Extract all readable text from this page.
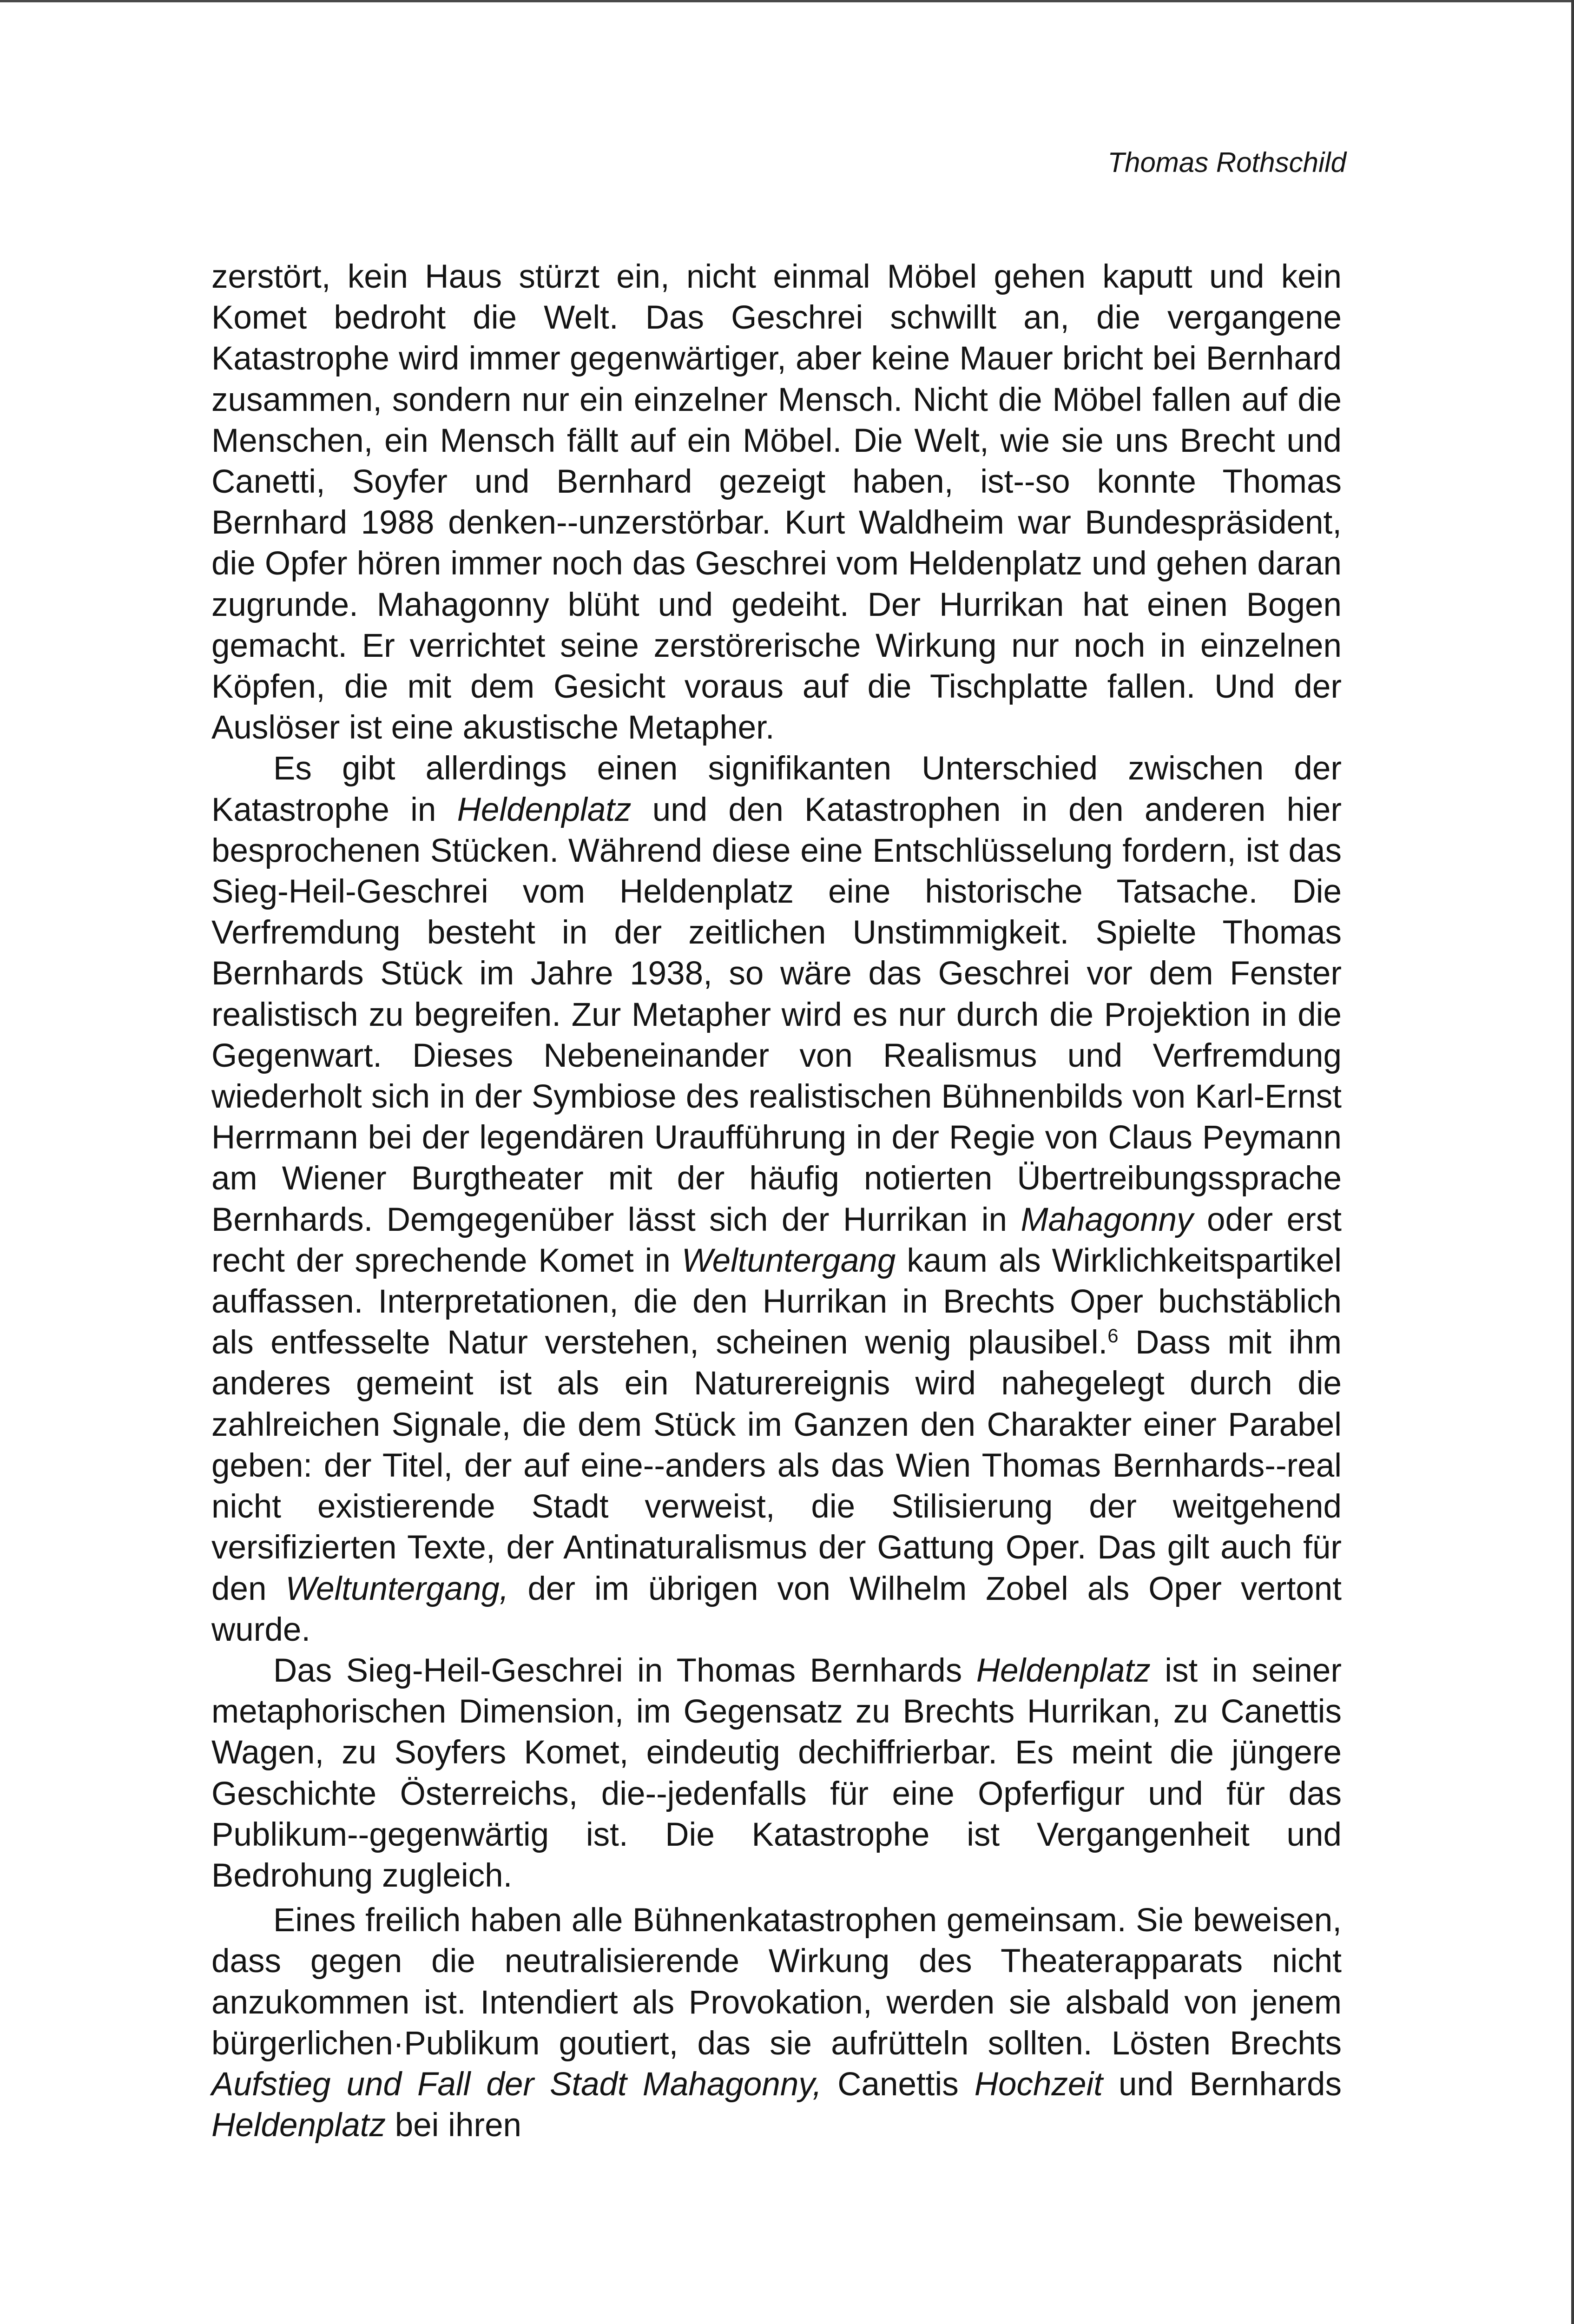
Thomas Rothschild

zerstört, kein Haus stürzt ein, nicht einmal Möbel gehen kaputt und kein Komet bedroht die Welt. Das Geschrei schwillt an, die vergangene Katastrophe wird immer gegenwärtiger, aber keine Mauer bricht bei Bernhard zusammen, sondern nur ein einzelner Mensch. Nicht die Möbel fallen auf die Menschen, ein Mensch fällt auf ein Möbel. Die Welt, wie sie uns Brecht und Canetti, Soyfer und Bernhard gezeigt haben, ist--so konnte Thomas Bernhard 1988 denken--unzerstörbar. Kurt Waldheim war Bundespräsident, die Opfer hören immer noch das Geschrei vom Heldenplatz und gehen daran zugrunde. Mahagonny blüht und gedeiht. Der Hurrikan hat einen Bogen gemacht. Er verrichtet seine zerstörerische Wirkung nur noch in einzelnen Köpfen, die mit dem Gesicht voraus auf die Tischplatte fallen. Und der Auslöser ist eine akustische Metapher.

Es gibt allerdings einen signifikanten Unterschied zwischen der Katastrophe in Heldenplatz und den Katastrophen in den anderen hier besprochenen Stücken. Während diese eine Entschlüsselung fordern, ist das Sieg-Heil-Geschrei vom Heldenplatz eine historische Tatsache. Die Verfremdung besteht in der zeitlichen Unstimmigkeit. Spielte Thomas Bernhards Stück im Jahre 1938, so wäre das Geschrei vor dem Fenster realistisch zu begreifen. Zur Metapher wird es nur durch die Projektion in die Gegenwart. Dieses Nebeneinander von Realismus und Verfremdung wiederholt sich in der Symbiose des realistischen Bühnenbilds von Karl-Ernst Herrmann bei der legendären Uraufführung in der Regie von Claus Peymann am Wiener Burgtheater mit der häufig notierten Übertreibungssprache Bernhards. Demgegenüber lässt sich der Hurrikan in Mahagonny oder erst recht der sprechende Komet in Weltuntergang kaum als Wirklichkeitspartikel auffassen. Interpretationen, die den Hurrikan in Brechts Oper buchstäblich als entfesselte Natur verstehen, scheinen wenig plausibel.$^6$ Dass mit ihm anderes gemeint ist als ein Naturereignis wird nahegelegt durch die zahlreichen Signale, die dem Stück im Ganzen den Charakter einer Parabel geben: der Titel, der auf eine--anders als das Wien Thomas Bernhards--real nicht existierende Stadt verweist, die Stilisierung der weitgehend versifizierten Texte, der Antinaturalismus der Gattung Oper. Das gilt auch für den Weltuntergang, der im übrigen von Wilhelm Zobel als Oper vertont wurde.

Das Sieg-Heil-Geschrei in Thomas Bernhards Heldenplatz ist in seiner metaphorischen Dimension, im Gegensatz zu Brechts Hurrikan, zu Canettis Wagen, zu Soyfers Komet, eindeutig dechiffrierbar. Es meint die jüngere Geschichte Österreichs, die--jedenfalls für eine Opferfigur und für das Publikum--gegenwärtig ist. Die Katastrophe ist Vergangenheit und Bedrohung zugleich.

Eines freilich haben alle Bühnenkatastrophen gemeinsam. Sie beweisen, dass gegen die neutralisierende Wirkung des Theaterapparats nicht anzukommen ist. Intendiert als Provokation, werden sie alsbald von jenem bürgerlichen·Publikum goutiert, das sie aufrütteln sollten. Lösten Brechts Aufstieg und Fall der Stadt Mahagonny, Canettis Hochzeit und Bernhards Heldenplatz bei ihren
